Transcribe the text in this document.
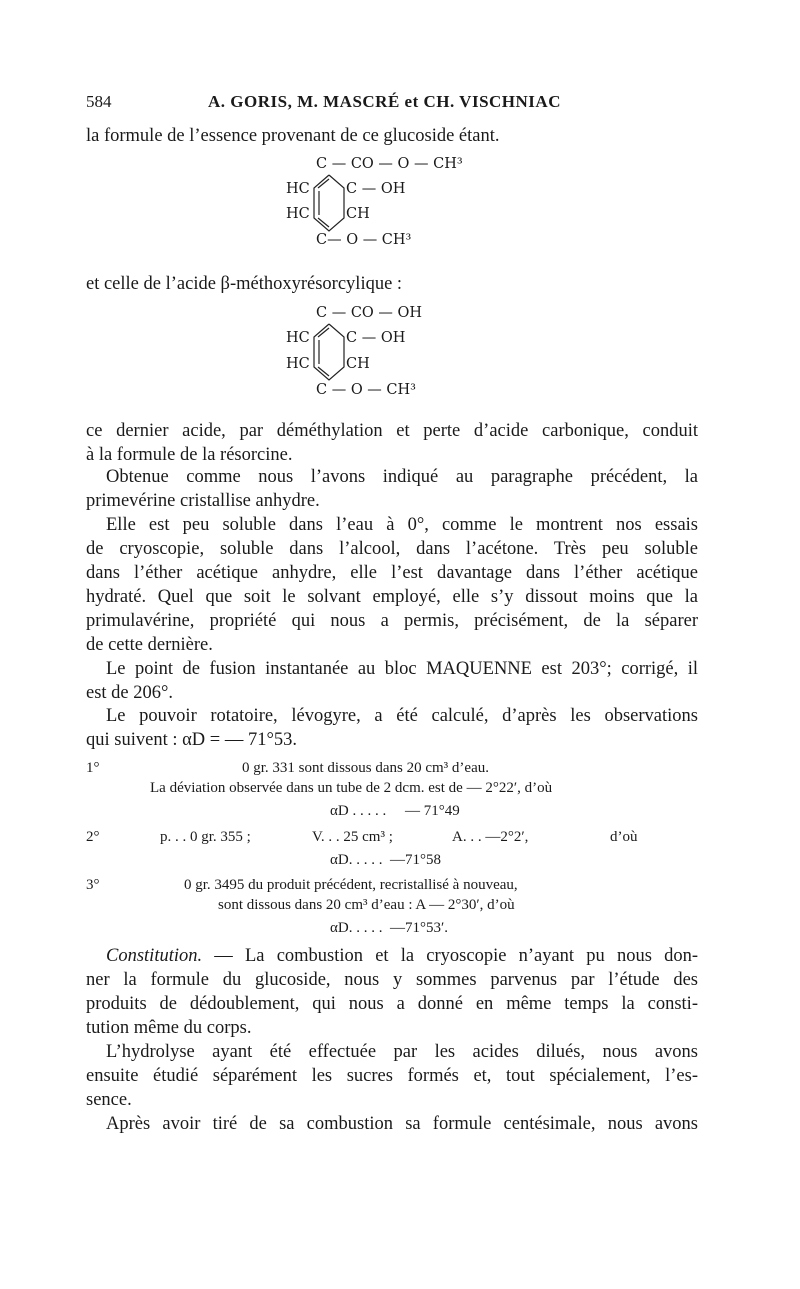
584	A. GORIS, M. MASCRÉ et CH. VISCHNIAC
la formule de l’essence provenant de ce glucoside étant.
C — CO — O — CH³
HC	C — OH
HC	CH
C— O — CH³
et celle de l’acide β-méthoxyrésorcylique :
C — CO — OH
HC	C — OH
HC	CH
C — O — CH³
ce dernier acide, par déméthylation et perte d’acide carbonique, conduit
à la formule de la résorcine.
Obtenue comme nous l’avons indiqué au paragraphe précédent, la
primevérine cristallise anhydre.
Elle est peu soluble dans l’eau à 0°, comme le montrent nos essais
de cryoscopie, soluble dans l’alcool, dans l’acétone. Très peu soluble
dans l’éther acétique anhydre, elle l’est davantage dans l’éther acétique
hydraté. Quel que soit le solvant employé, elle s’y dissout moins que la
primulavérine, propriété qui nous a permis, précisément, de la séparer
de cette dernière.
Le point de fusion instantanée au bloc MAQUENNE est 203°; corrigé, il
est de 206°.
Le pouvoir rotatoire, lévogyre, a été calculé, d’après les observations
qui suivent : αD = — 71°53.
1°	0 gr. 331 sont dissous dans 20 cm³ d’eau.
La déviation observée dans un tube de 2 dcm. est de — 2°22′, d’où
αD . . . . .     — 71°49
2°	p. . . 0 gr. 355 ;	V. . . 25 cm³ ;	A. . . —2°2′,	d’où
αD. . . . .  —71°58
3°	0 gr. 3495 du produit précédent, recristallisé à nouveau,
sont dissous dans 20 cm³ d’eau : A — 2°30′, d’où
αD. . . . .  —71°53′.
Constitution. — La combustion et la cryoscopie n’ayant pu nous don-
ner la formule du glucoside, nous y sommes parvenus par l’étude des
produits de dédoublement, qui nous a donné en même temps la consti-
tution même du corps.
L’hydrolyse ayant été effectuée par les acides dilués, nous avons
ensuite étudié séparément les sucres formés et, tout spécialement, l’es-
sence.
Après avoir tiré de sa combustion sa formule centésimale, nous avons
